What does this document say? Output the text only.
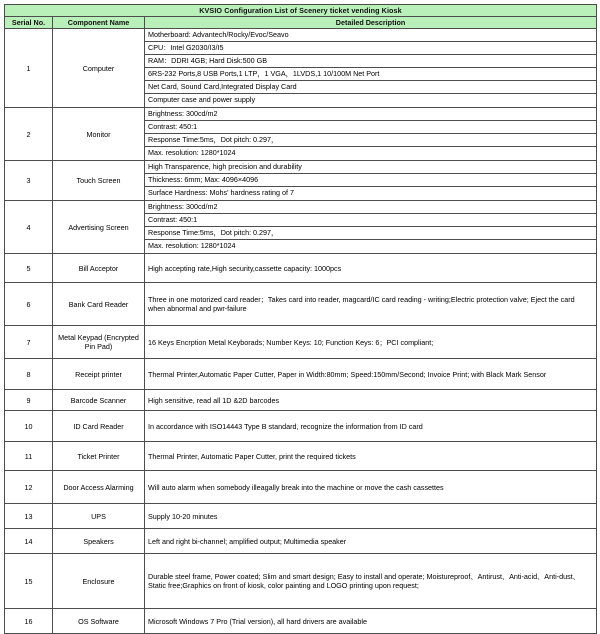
KVSIO Configuration List of Scenery ticket vending Kiosk		
Serial No.	Component Name	Detailed Description
1	Computer	
Motherboard: Advantech/Rocky/Evoc/Seavo
CPU：Intel G2030/I3/I5
RAM：DDRI 4GB; Hard Disk:500 GB
6RS-232 Ports,8 USB Ports,1 LTP，1 VGA，1LVDS,1 10/100M Net Port
Net Card, Sound Card,Integrated Display Card
Computer case and power supply

2	Monitor	Brightness: 300cd/m2
Contrast: 450:1
Response Time:5ms，Dot pitch: 0.297，
Max. resolution: 1280*1024

3	Touch Screen	High Transparence, high precision and durability
Thickness: 6mm; Max: 4096×4096
Surface Hardness: Mohs' hardness rating of 7

4	Advertising Screen	Brightness: 300cd/m2
Contrast: 450:1
Response Time:5ms，Dot pitch: 0.297，
Max. resolution: 1280*1024

5	Bill Acceptor	High accepting rate,High security,cassette capacity: 1000pcs
6	Bank Card Reader	Three in one motorized card reader；Takes card into reader, magcard/IC card reading - writing;Electric protection valve; Eject the card when abnormal and pwr-failure
7	Metal Keypad (Encrypted Pin Pad)	16 Keys Encrption Metal Keyborads; Number Keys: 10; Function Keys: 6；PCI compliant;
8	Receipt printer	Thermal Printer,Automatic Paper Cutter, Paper in Width:80mm; Speed:150mm/Second; Invoice Print; with Black Mark Sensor
9	Barcode Scanner	High sensitive, read all 1D &2D barcodes
10	ID Card Reader	In accordance with ISO14443 Type B standard, recognize the information from ID card
11	Ticket Printer	Thermal Printer, Automatic Paper Cutter, print the required tickets
12	Door Access Alarming	Will auto alarm when somebody illeagally break into the machine or move the cash cassettes
13	UPS	Supply 10-20 minutes
14	Speakers	Left and right bi-channel; amplified output; Multimedia speaker
15	Enclosure	Durable steel frame, Power coated; Slim and smart design; Easy to install and operate; Moistureproof、Antirust、Anti-acid、Anti-dust、Static free;Graphics on front of kiosk, color painting and LOGO printing upon request;
16	OS Software	Microsoft Windows 7 Pro (Trial version), all hard drivers are available
